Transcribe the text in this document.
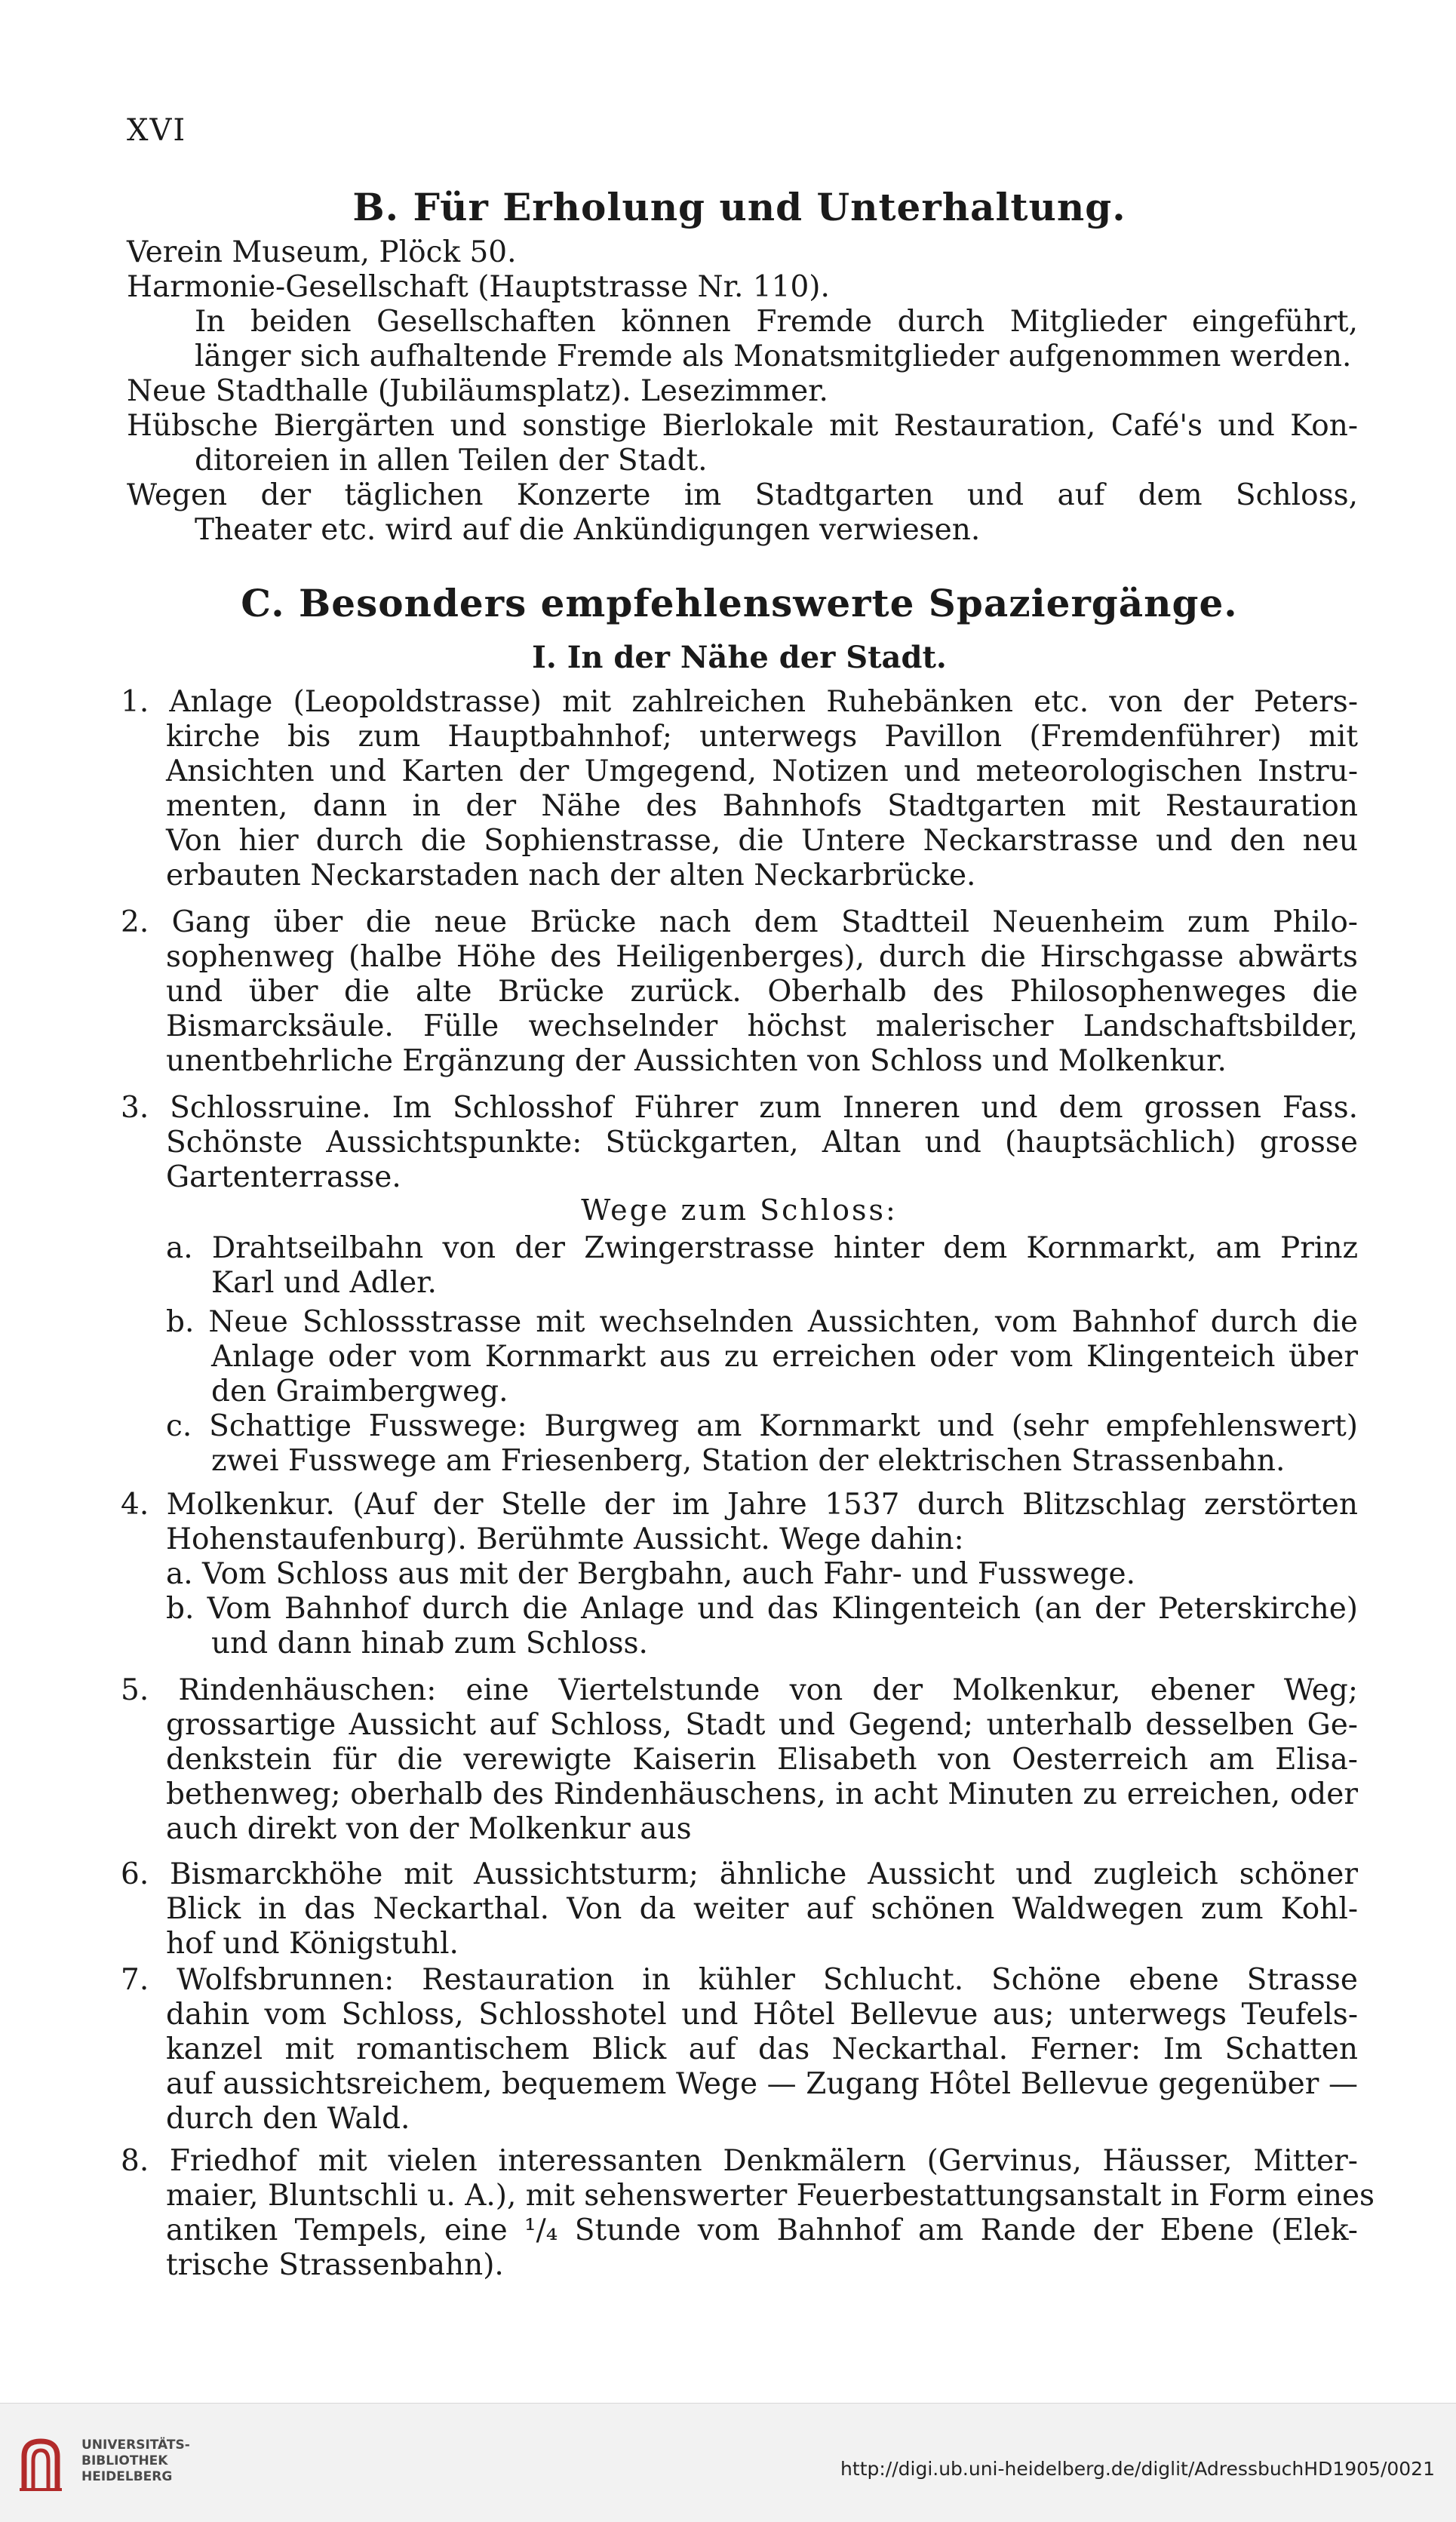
XVI
B. Für Erholung und Unterhaltung.
Verein Museum, Plöck 50.
Harmonie-Gesellschaft (Hauptstrasse Nr. 110).
In beiden Gesellschaften können Fremde durch Mitglieder eingeführt,
länger sich aufhaltende Fremde als Monatsmitglieder aufgenommen werden.
Neue Stadthalle (Jubiläumsplatz). Lesezimmer.
Hübsche Biergärten und sonstige Bierlokale mit Restauration, Café's und Kon-
ditoreien in allen Teilen der Stadt.
Wegen der täglichen Konzerte im Stadtgarten und auf dem Schloss,
Theater etc. wird auf die Ankündigungen verwiesen.
C. Besonders empfehlenswerte Spaziergänge.
I. In der Nähe der Stadt.
1. Anlage (Leopoldstrasse) mit zahlreichen Ruhebänken etc. von der Peters-
kirche bis zum Hauptbahnhof; unterwegs Pavillon (Fremdenführer) mit
Ansichten und Karten der Umgegend, Notizen und meteorologischen Instru-
menten, dann in der Nähe des Bahnhofs Stadtgarten mit Restauration
Von hier durch die Sophienstrasse, die Untere Neckarstrasse und den neu
erbauten Neckarstaden nach der alten Neckarbrücke.
2. Gang über die neue Brücke nach dem Stadtteil Neuenheim zum Philo-
sophenweg (halbe Höhe des Heiligenberges), durch die Hirschgasse abwärts
und über die alte Brücke zurück. Oberhalb des Philosophenweges die
Bismarcksäule. Fülle wechselnder höchst malerischer Landschaftsbilder,
unentbehrliche Ergänzung der Aussichten von Schloss und Molkenkur.
3. Schlossruine. Im Schlosshof Führer zum Inneren und dem grossen Fass.
Schönste Aussichtspunkte: Stückgarten, Altan und (hauptsächlich) grosse
Gartenterrasse.
Wege zum Schloss:
a. Drahtseilbahn von der Zwingerstrasse hinter dem Kornmarkt, am Prinz
Karl und Adler.
b. Neue Schlossstrasse mit wechselnden Aussichten, vom Bahnhof durch die
Anlage oder vom Kornmarkt aus zu erreichen oder vom Klingenteich über
den Graimbergweg.
c. Schattige Fusswege: Burgweg am Kornmarkt und (sehr empfehlenswert)
zwei Fusswege am Friesenberg, Station der elektrischen Strassenbahn.
4. Molkenkur. (Auf der Stelle der im Jahre 1537 durch Blitzschlag zerstörten
Hohenstaufenburg). Berühmte Aussicht. Wege dahin:
a. Vom Schloss aus mit der Bergbahn, auch Fahr- und Fusswege.
b. Vom Bahnhof durch die Anlage und das Klingenteich (an der Peterskirche)
und dann hinab zum Schloss.
5. Rindenhäuschen: eine Viertelstunde von der Molkenkur, ebener Weg;
grossartige Aussicht auf Schloss, Stadt und Gegend; unterhalb desselben Ge-
denkstein für die verewigte Kaiserin Elisabeth von Oesterreich am Elisa-
bethenweg; oberhalb des Rindenhäuschens, in acht Minuten zu erreichen, oder
auch direkt von der Molkenkur aus
6. Bismarckhöhe mit Aussichtsturm; ähnliche Aussicht und zugleich schöner
Blick in das Neckarthal. Von da weiter auf schönen Waldwegen zum Kohl-
hof und Königstuhl.
7. Wolfsbrunnen: Restauration in kühler Schlucht. Schöne ebene Strasse
dahin vom Schloss, Schlosshotel und Hôtel Bellevue aus; unterwegs Teufels-
kanzel mit romantischem Blick auf das Neckarthal. Ferner: Im Schatten
auf aussichtsreichem, bequemem Wege — Zugang Hôtel Bellevue gegenüber —
durch den Wald.
8. Friedhof mit vielen interessanten Denkmälern (Gervinus, Häusser, Mitter-
maier, Bluntschli u. A.), mit sehenswerter Feuerbestattungsanstalt in Form eines
antiken Tempels, eine ¹/₄ Stunde vom Bahnhof am Rande der Ebene (Elek-
trische Strassenbahn).
UNIVERSITÄTS-
BIBLIOTHEK
HEIDELBERG	http://digi.ub.uni-heidelberg.de/diglit/AdressbuchHD1905/0021
